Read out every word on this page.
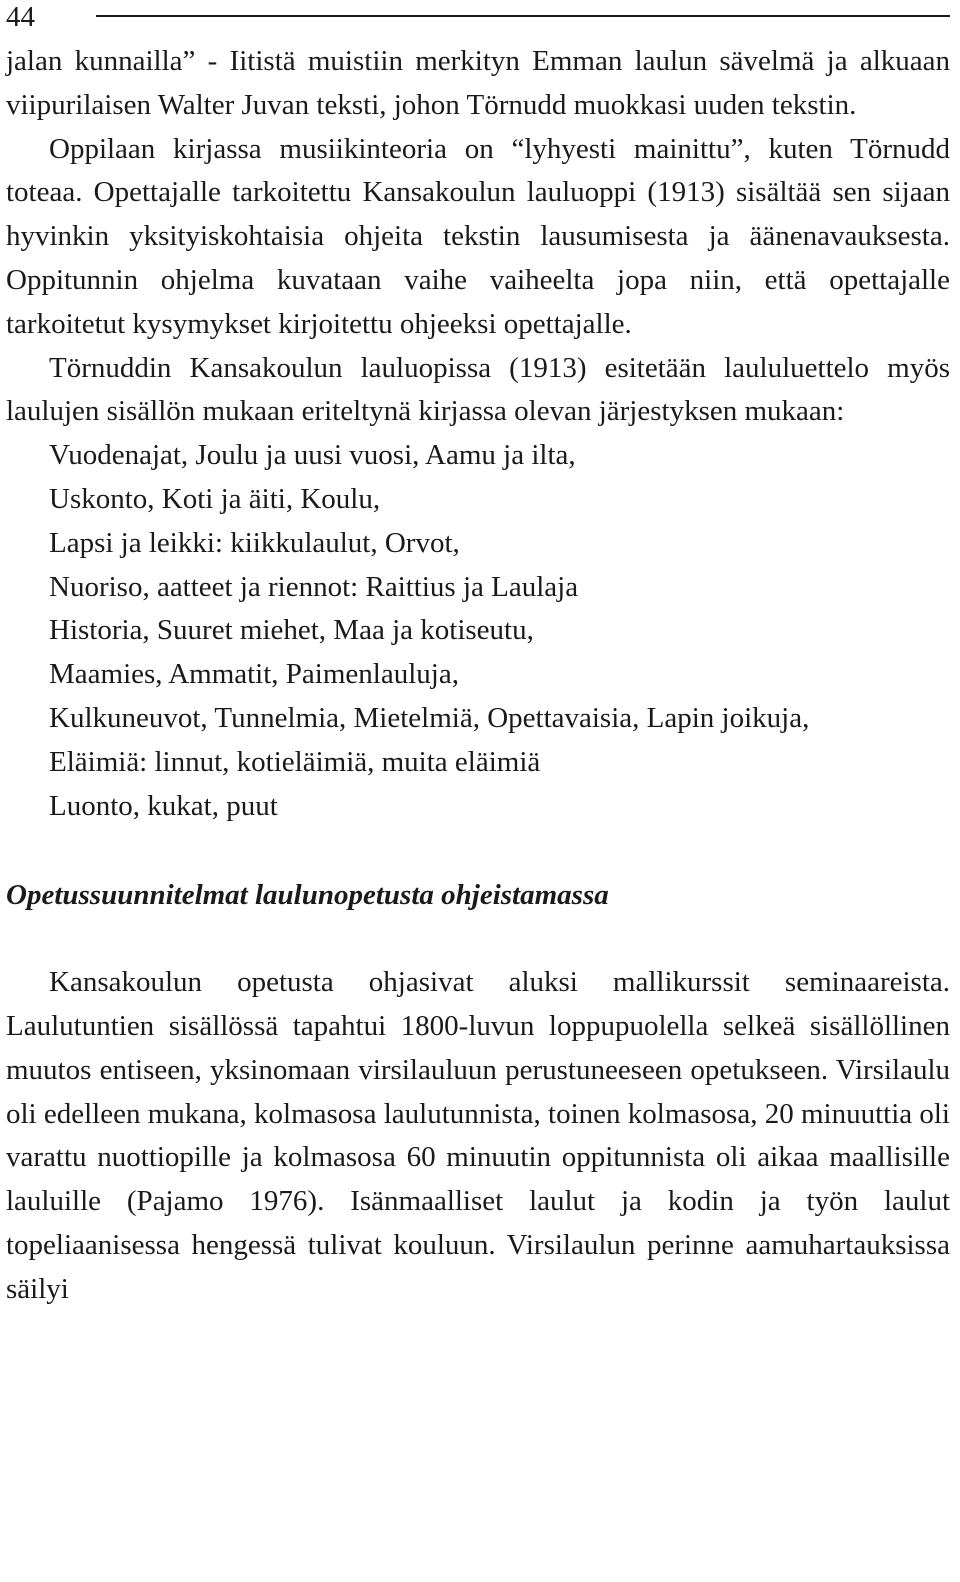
44

jalan kunnailla” - Iitistä muistiin merkityn Emman laulun sävelmä ja alkuaan viipurilaisen Walter Juvan teksti, johon Törnudd muokkasi uuden tekstin.

Oppilaan kirjassa musiikinteoria on “lyhyesti mainittu”, kuten Törnudd toteaa. Opettajalle tarkoitettu Kansakoulun lauluoppi (1913) sisältää sen sijaan hyvinkin yksityiskohtaisia ohjeita tekstin lausumisesta ja äänenavauksesta. Oppitunnin ohjelma kuvataan vaihe vaiheelta jopa niin, että opettajalle tarkoitetut kysymykset kirjoitettu ohjeeksi opettajalle.

Törnuddin Kansakoulun lauluopissa (1913) esitetään laululuettelo myös laulujen sisällön mukaan eriteltynä kirjassa olevan järjestyksen mukaan:

Vuodenajat, Joulu ja uusi vuosi, Aamu ja ilta,
Uskonto, Koti ja äiti, Koulu,
Lapsi ja leikki: kiikkulaulut, Orvot,
Nuoriso, aatteet ja riennot: Raittius ja Laulaja
Historia, Suuret miehet, Maa ja kotiseutu,
Maamies, Ammatit, Paimenlauluja,
Kulkuneuvot, Tunnelmia, Mietelmiä, Opettavaisia, Lapin joikuja,
Eläimiä: linnut, kotieläimiä, muita eläimiä
Luonto, kukat, puut
Opetussuunnitelmat laulunopetusta ohjeistamassa

Kansakoulun opetusta ohjasivat aluksi mallikurssit seminaareista. Laulutuntien sisällössä tapahtui 1800-luvun loppupuolella selkeä sisällöllinen muutos entiseen, yksinomaan virsilauluun perustuneeseen opetukseen. Virsilaulu oli edelleen mukana, kolmasosa laulutunnista, toinen kolmasosa, 20 minuuttia oli varattu nuottiopille ja kolmasosa 60 minuutin oppitunnista oli aikaa maallisille lauluille (Pajamo 1976). Isänmaalliset laulut ja kodin ja työn laulut topeliaanisessa hengessä tulivat kouluun. Virsilaulun perinne aamuhartauksissa säilyi
